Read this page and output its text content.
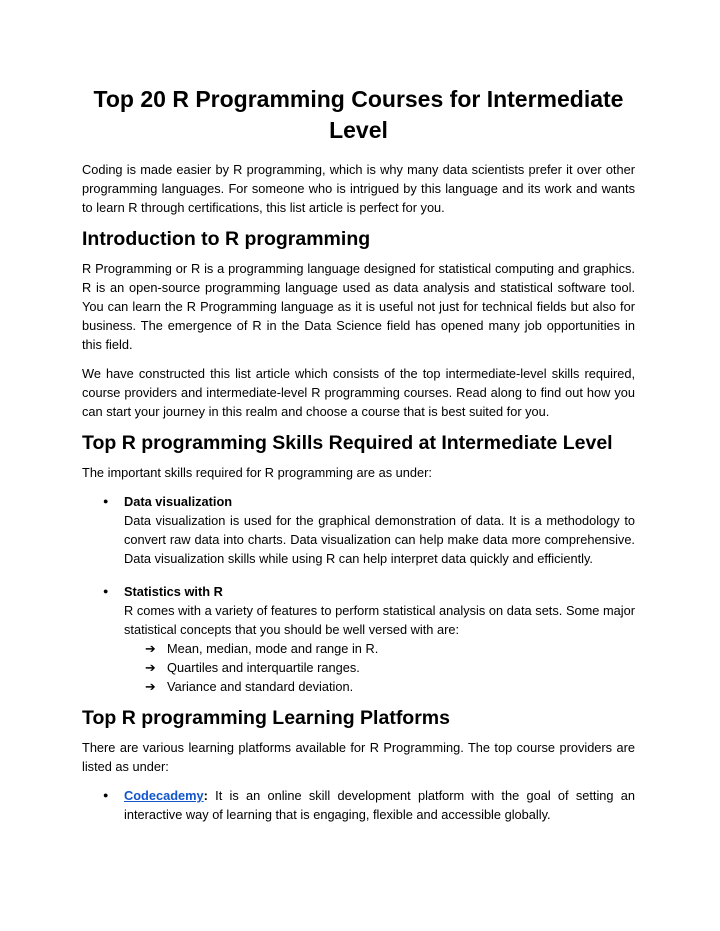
Top 20 R Programming Courses for Intermediate Level

Coding is made easier by R programming, which is why many data scientists prefer it over other programming languages. For someone who is intrigued by this language and its work and wants to learn R through certifications, this list article is perfect for you.

Introduction to R programming

R Programming or R is a programming language designed for statistical computing and graphics. R is an open-source programming language used as data analysis and statistical software tool. You can learn the R Programming language as it is useful not just for technical fields but also for business. The emergence of R in the Data Science field has opened many job opportunities in this field.

We have constructed this list article which consists of the top intermediate-level skills required, course providers and intermediate-level R programming courses. Read along to find out how you can start your journey in this realm and choose a course that is best suited for you.

Top R programming Skills Required at Intermediate Level

The important skills required for R programming are as under:

● Data visualization
Data visualization is used for the graphical demonstration of data. It is a methodology to convert raw data into charts. Data visualization can help make data more comprehensive. Data visualization skills while using R can help interpret data quickly and efficiently.
● Statistics with R
R comes with a variety of features to perform statistical analysis on data sets. Some major statistical concepts that you should be well versed with are:
➔ Mean, median, mode and range in R.
➔ Quartiles and interquartile ranges.
➔ Variance and standard deviation.
Top R programming Learning Platforms

There are various learning platforms available for R Programming. The top course providers are listed as under:

● Codecademy: It is an online skill development platform with the goal of setting an interactive way of learning that is engaging, flexible and accessible globally.
